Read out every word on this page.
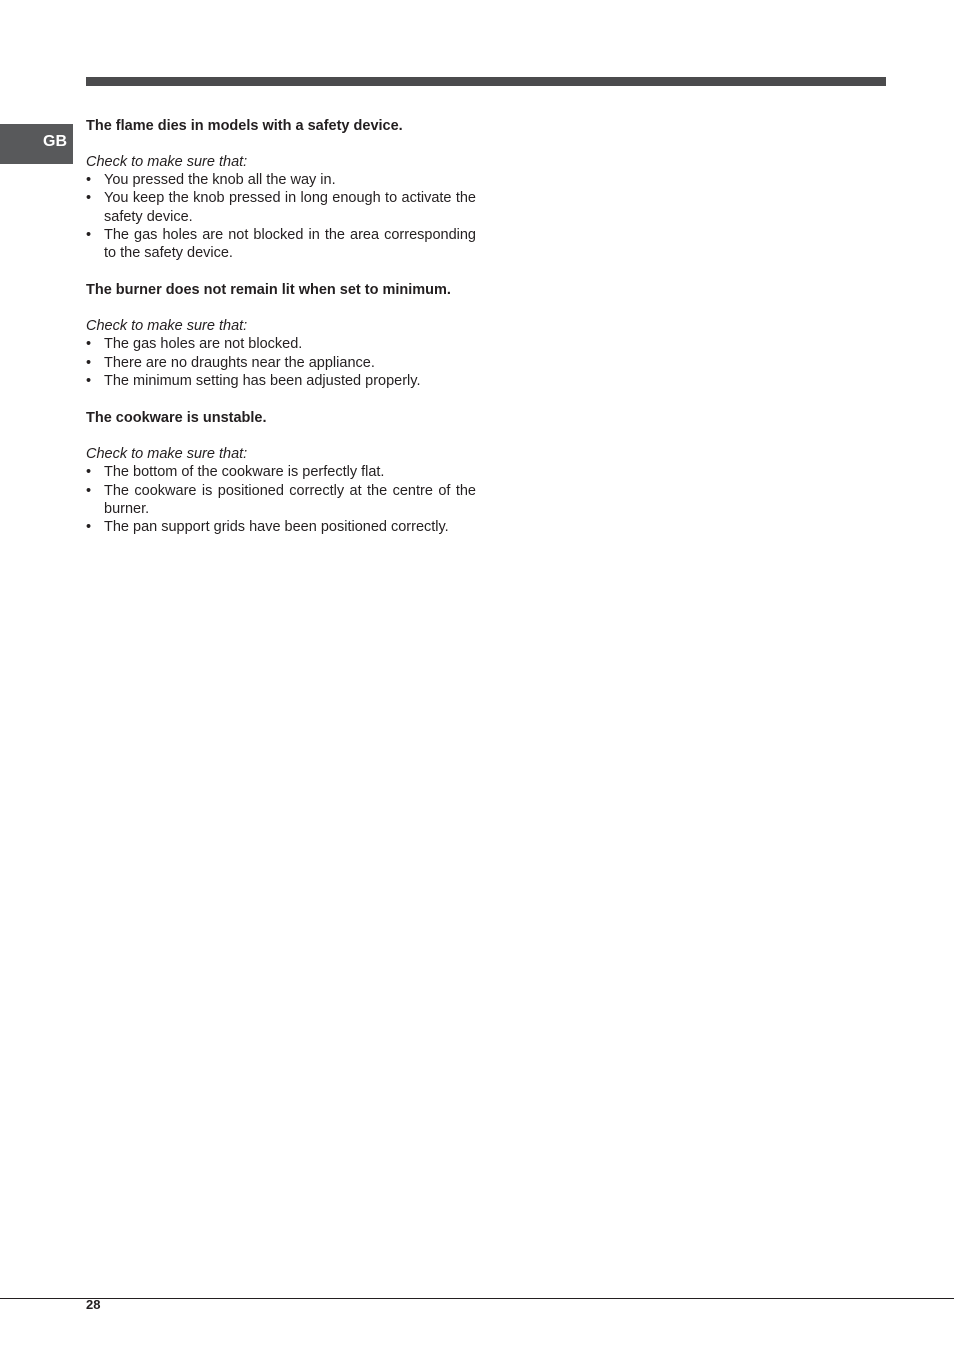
GB

The flame dies in models with a safety device.

Check to make sure that:

• You pressed the knob all the way in.
• You keep the knob pressed in long enough to activate the safety device.
• The gas holes are not blocked in the area corresponding to the safety device.

The burner does not remain lit when set to minimum.

Check to make sure that:

• The gas holes are not blocked.
• There are no draughts near the appliance.
• The minimum setting has been adjusted properly.

The cookware is unstable.

Check to make sure that:

• The bottom of the cookware is perfectly flat.
• The cookware is positioned correctly at the centre of the burner.
• The pan support grids have been positioned correctly.
28
